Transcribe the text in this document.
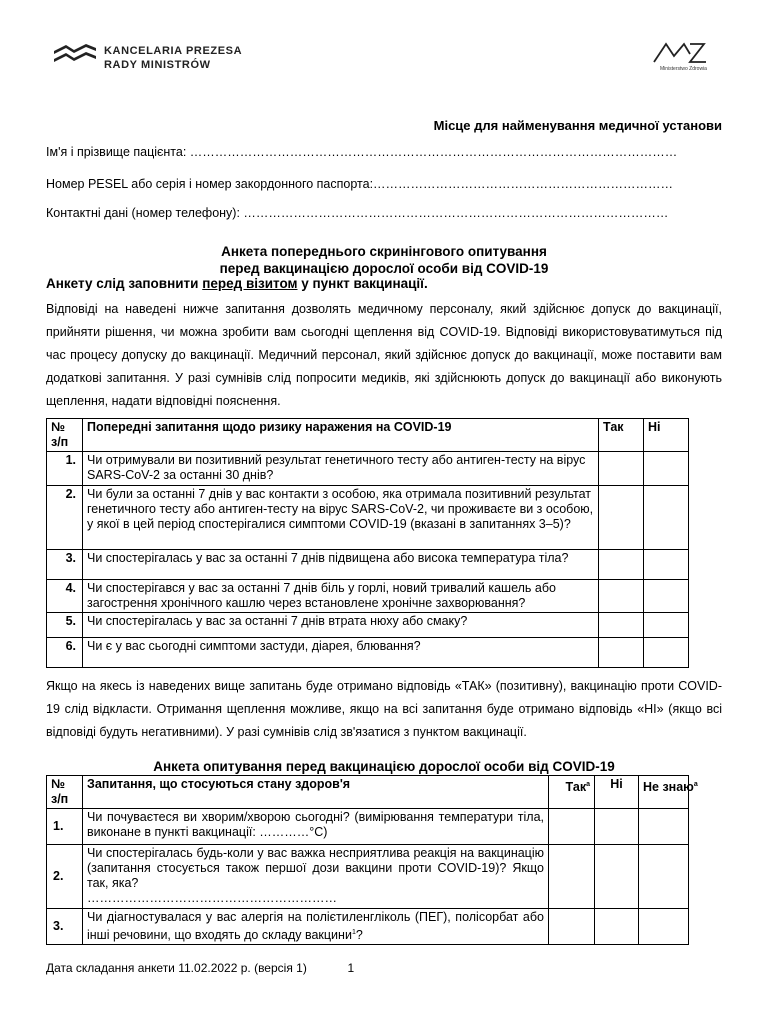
KANCELARIA PREZESA
RADY MINISTRÓW	Ministerstwo Zdrowia
Місце для найменування медичної установи
Ім'я і прізвище пацієнта: ………………………………………………………………………………………………………
Номер PESEL або серія і номер закордонного паспорта:………………………………………………………………
Контактні дані (номер телефону): …………………………………………………………………………………………
Анкета попереднього скринінгового опитування
перед вакцинацією дорослої особи від COVID-19
Анкету слід заповнити перед візитом у пункт вакцинації.
Відповіді на наведені нижче запитання дозволять медичному персоналу, який здійснює допуск до вакцинації, прийняти рішення, чи можна зробити вам сьогодні щеплення від COVID-19. Відповіді використовуватимуться під час процесу допуску до вакцинації. Медичний персонал, який здійснює допуск до вакцинації, може поставити вам додаткові запитання. У разі сумнівів слід попросити медиків, які здійснюють допуск до вакцинації або виконують щеплення, надати відповідні пояснення.
№ з/п	Попередні запитання щодо ризику наражения на COVID-19	Так	Ні
1.	Чи отримували ви позитивний результат генетичного тесту або антиген-тесту на вірус SARS-CoV-2 за останні 30 днів?		
2.	Чи були за останні 7 днів у вас контакти з особою, яка отримала позитивний результат генетичного тесту або антиген-тесту на вірус SARS-CoV-2, чи проживаєте ви з особою, у якої в цей період спостерігалися симптоми COVID-19 (вказані в запитаннях 3–5)?		
3.	Чи спостерігалась у вас за останні 7 днів підвищена або висока температура тіла?		
4.	Чи спостерігався у вас за останні 7 днів біль у горлі, новий тривалий кашель або загострення хронічного кашлю через встановлене хронічне захворювання?		
5.	Чи спостерігалась у вас за останні 7 днів втрата нюху або смаку?		
6.	Чи є у вас сьогодні симптоми застуди, діарея, блювання?		
Якщо на якесь із наведених вище запитань буде отримано відповідь «ТАК» (позитивну), вакцинацію проти COVID-19 слід відкласти. Отримання щеплення можливе, якщо на всі запитання буде отримано відповідь «НІ» (якщо всі відповіді будуть негативними). У разі сумнівів слід зв'язатися з пунктом вакцинації.
Анкета опитування перед вакцинацією дорослої особи від COVID-19
№ з/п	Запитання, що стосуються стану здоров'я	Так$^а$	Ні	Не знаю$^а$
1.	Чи почуваєтеся ви хворим/хворою сьогодні? (вимірювання температури тіла, виконане в пункті вакцинації: …………°С)			
2.	Чи спостерігалась будь-коли у вас важка несприятлива реакція на вакцинацію (запитання стосується також першої дози вакцини проти COVID-19)? Якщо так, яка?
……………………………………………………			
3.	Чи діагностувалася у вас алергія на полієтиленгліколь (ПЕГ), полісорбат або інші речовини, що входять до складу вакцини$^1$?			
Дата складання анкети 11.02.2022 р. (версія 1)	1
